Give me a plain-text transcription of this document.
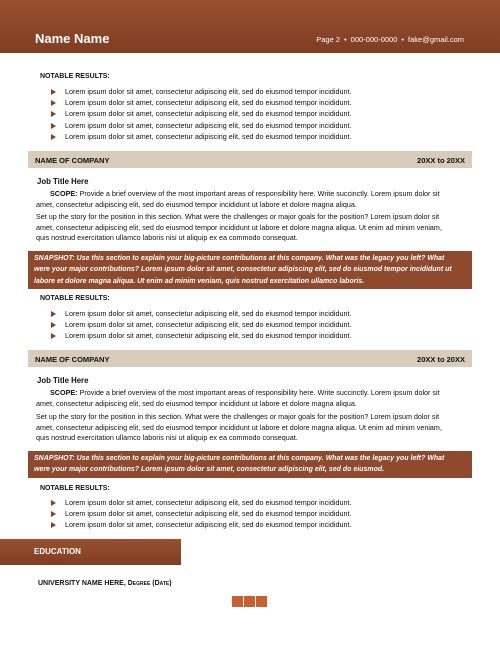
Name Name	Page 2 • 000-000-0000 • fake@gmail.com
NOTABLE RESULTS:
Lorem ipsum dolor sit amet, consectetur adipiscing elit, sed do eiusmod tempor incididunt.
Lorem ipsum dolor sit amet, consectetur adipiscing elit, sed do eiusmod tempor incididunt.
Lorem ipsum dolor sit amet, consectetur adipiscing elit, sed do eiusmod tempor incididunt.
Lorem ipsum dolor sit amet, consectetur adipiscing elit, sed do eiusmod tempor incididunt.
Lorem ipsum dolor sit amet, consectetur adipiscing elit, sed do eiusmod tempor incididunt.
NAME OF COMPANY	20XX to 20XX
Job Title Here
SCOPE: Provide a brief overview of the most important areas of responsibility here. Write succinctly. Lorem ipsum dolor sit
amet, consectetur adipiscing elit, sed do eiusmod tempor incididunt ut labore et dolore magna aliqua.
Set up the story for the position in this section. What were the challenges or major goals for the position? Lorem ipsum dolor sit
amet, consectetur adipiscing elit, sed do eiusmod tempor incididunt ut labore et dolore magna aliqua. Ut enim ad minim veniam,
quis nostrud exercitation ullamco laboris nisi ut aliquip ex ea commodo consequat.
SNAPSHOT: Use this section to explain your big-picture contributions at this company. What was the legacy you left? What
were your major contributions? Lorem ipsum dolor sit amet, consectetur adipiscing elit, sed do eiusmod tempor incididunt ut
labore et dolore magna aliqua. Ut enim ad minim veniam, quis nostrud exercitation ullamco laboris.
NOTABLE RESULTS:
Lorem ipsum dolor sit amet, consectetur adipiscing elit, sed do eiusmod tempor incididunt.
Lorem ipsum dolor sit amet, consectetur adipiscing elit, sed do eiusmod tempor incididunt.
Lorem ipsum dolor sit amet, consectetur adipiscing elit, sed do eiusmod tempor incididunt.
NAME OF COMPANY	20XX to 20XX
Job Title Here
SCOPE: Provide a brief overview of the most important areas of responsibility here. Write succinctly. Lorem ipsum dolor sit
amet, consectetur adipiscing elit, sed do eiusmod tempor incididunt ut labore et dolore magna aliqua.
Set up the story for the position in this section. What were the challenges or major goals for the position? Lorem ipsum dolor sit
amet, consectetur adipiscing elit, sed do eiusmod tempor incididunt ut labore et dolore magna aliqua. Ut enim ad minim veniam,
quis nostrud exercitation ullamco laboris nisi ut aliquip ex ea commodo consequat.
SNAPSHOT: Use this section to explain your big-picture contributions at this company. What was the legacy you left? What
were your major contributions? Lorem ipsum dolor sit amet, consectetur adipiscing elit, sed do eiusmod.
NOTABLE RESULTS:
Lorem ipsum dolor sit amet, consectetur adipiscing elit, sed do eiusmod tempor incididunt.
Lorem ipsum dolor sit amet, consectetur adipiscing elit, sed do eiusmod tempor incididunt.
Lorem ipsum dolor sit amet, consectetur adipiscing elit, sed do eiusmod tempor incididunt.
EDUCATION
UNIVERSITY NAME HERE, Degree (Date)
